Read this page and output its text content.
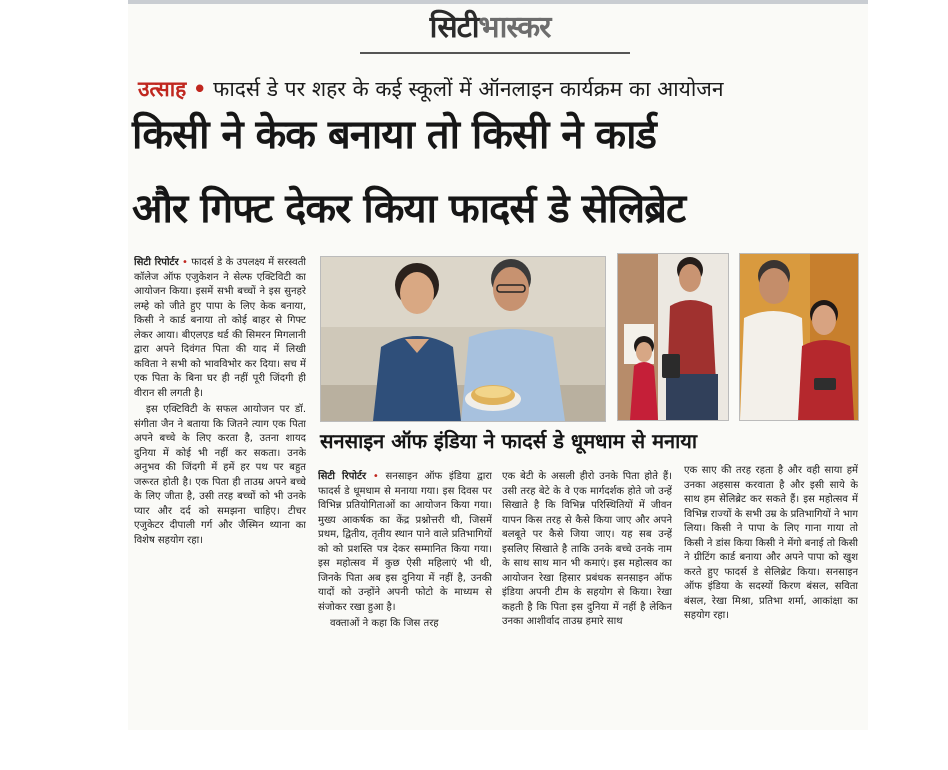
सिटीभास्कर
उत्साह • फादर्स डे पर शहर के कई स्कूलों में ऑनलाइन कार्यक्रम का आयोजन
किसी ने केक बनाया तो किसी ने कार्ड
और गिफ्ट देकर किया फादर्स डे सेलिब्रेट

सिटी रिपोर्टर • फादर्स डे के उपलक्ष्य में सरस्वती कॉलेज ऑफ एजुकेशन ने सेल्फ एक्टिविटी का आयोजन किया। इसमें सभी बच्चों ने इस सुनहरे लम्हे को जीते हुए पापा के लिए केक बनाया, किसी ने कार्ड बनाया तो कोई बाहर से गिफ्ट लेकर आया। बीएलएड थर्ड की सिमरन मिगलानी द्वारा अपने दिवंगत पिता की याद में लिखी कविता ने सभी को भावविभोर कर दिया। सच में एक पिता के बिना घर ही नहीं पूरी जिंदगी ही वीरान सी लगती है।

इस एक्टिविटी के सफल आयोजन पर डॉ. संगीता जैन ने बताया कि जितने त्याग एक पिता अपने बच्चे के लिए करता है, उतना शायद दुनिया में कोई भी नहीं कर सकता। उनके अनुभव की जिंदगी में हमें हर पथ पर बहुत जरूरत होती है। एक पिता ही ताउम्र अपने बच्चे के लिए जीता है, उसी तरह बच्चों को भी उनके प्यार और दर्द को समझना चाहिए। टीचर एजुकेटर दीपाली गर्ग और जैस्मिन थ्याना का विशेष सहयोग रहा।

सनसाइन ऑफ इंडिया ने फादर्स डे धूमधाम से मनाया

सिटी रिपोर्टर • सनसाइन ऑफ इंडिया द्वारा फादर्स डे धूमधाम से मनाया गया। इस दिवस पर विभिन्न प्रतियोगिताओं का आयोजन किया गया। मुख्य आकर्षक का केंद्र प्रश्नोत्तरी थी, जिसमें प्रथम, द्वितीय, तृतीय स्थान पाने वाले प्रतिभागियों को को प्रशस्ति पत्र देकर सम्मानित किया गया। इस महोत्सव में कुछ ऐसी महिलाएं भी थी, जिनके पिता अब इस दुनिया में नहीं है, उनकी यादों को उन्होंने अपनी फोटो के माध्यम से संजोकर रखा हुआ है।

वक्ताओं ने कहा कि जिस तरह

एक बेटी के असली हीरो उनके पिता होते हैं। उसी तरह बेटे के वे एक मार्गदर्शक होते जो उन्हें सिखाते है कि विभिन्न परिस्थितियों में जीवन यापन किस तरह से कैसे किया जाए और अपने बलबूते पर कैसे जिया जाए। यह सब उन्हें इसलिए सिखाते है ताकि उनके बच्चे उनके नाम के साथ साथ मान भी कमाएं। इस महोत्सव का आयोजन रेखा हिसार प्रबंधक सनसाइन ऑफ इंडिया अपनी टीम के सहयोग से किया। रेखा कहती है कि पिता इस दुनिया में नहीं है लेकिन उनका आशीर्वाद ताउम्र हमारे साथ

एक साए की तरह रहता है और वही साया हमें उनका अहसास करवाता है और इसी साये के साथ हम सेलिब्रेट कर सकते हैं। इस महोत्सव में विभिन्न राज्यों के सभी उम्र के प्रतिभागियों ने भाग लिया। किसी ने पापा के लिए गाना गाया तो किसी ने डांस किया किसी ने मेंगो बनाई तो किसी ने ग्रीटिंग कार्ड बनाया और अपने पापा को खुश करते हुए फादर्स डे सेलिब्रेट किया। सनसाइन ऑफ इंडिया के सदस्यों किरण बंसल, सविता बंसल, रेखा मिश्रा, प्रतिभा शर्मा, आकांक्षा का सहयोग रहा।
